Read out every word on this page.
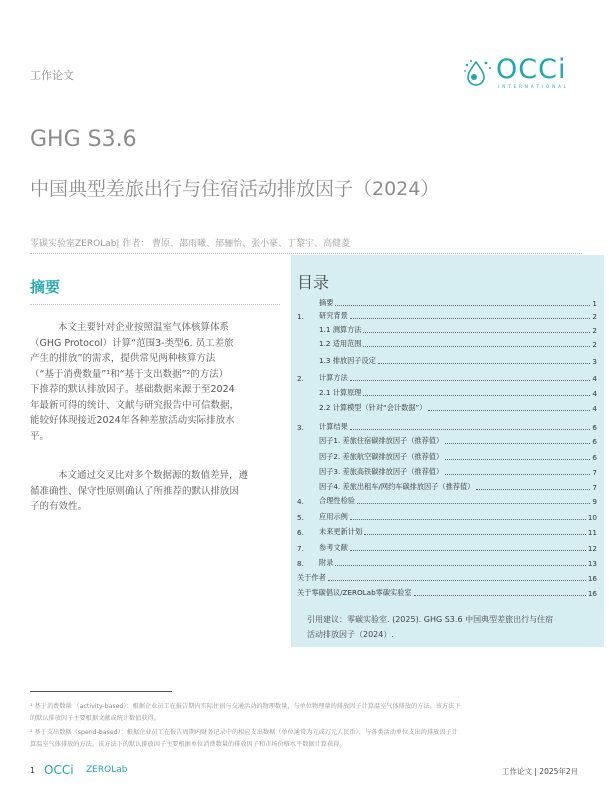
工作论文	OCCi
INTERNATIONAL
GHG S3.6
中国典型差旅出行与住宿活动排放因子（2024）
零碳实验室ZEROLab| 作者： 曹原、邵雨曦、郁骊怡、张小豪、丁黎宇、高健菱
摘要
本文主要针对企业按照温室气体核算体系
（GHG Protocol）计算“范围3-类型6. 员工差旅
产生的排放”的需求，提供常见两种核算方法
（“基于消费数量”¹和“基于支出数据”²的方法）
下推荐的默认排放因子。基础数据来源于至2024
年最新可得的统计、文献与研究报告中可信数据，
能较好体现接近2024年各种差旅活动实际排放水
平。
本文通过交叉比对多个数据源的数值差异，遵
循准确性、保守性原则确认了所推荐的默认排放因
子的有效性。
目录
摘要	1
1.	研究背景	2
1.1 测算方法	2
1.2 适用范围	2
1.3 排放因子设定	3
2.	计算方法	4
2.1 计算原理	4
2.2 计算模型（针对“会计数据”）	4
3.	计算结果	6
因子1. 差旅住宿碳排放因子（推荐值）	6
因子2. 差旅航空碳排放因子（推荐值）	6
因子3. 差旅高铁碳排放因子（推荐值）	7
因子4. 差旅出租车/网约车碳排放因子（推荐值）	7
4.	合理性检验	9
5.	应用示例	10
6.	未来更新计划	11
7.	参考文献	12
8.	附录	13
关于作者	16
关于零碳倡议/ZEROLab零碳实验室	16
引用建议：零碳实验室. (2025). GHG S3.6 中国典型差旅出行与住宿
活动排放因子（2024）.
¹ 基于消费数量 （activity-based）：根据企业员工在报告期内实际住宿与交通活动的物理数量，与单位物理量的排放因子计算温室气体排放的方法。该方法下
的默认排放因子主要根据文献或统计数值获得。
² 基于支出数据（spend-based）：根据企业员工在报告周期内财务记录中的相应支出数据（单位通常为元或万元人民币），与各类活动单位支出的排放因子计
算温室气体排放的方法。该方法下的默认排放因子主要根据单位消费数量的排放因子和市场价格水平数据计算获得。
1 OCCi ZEROLab	工作论文 | 2025年2月
